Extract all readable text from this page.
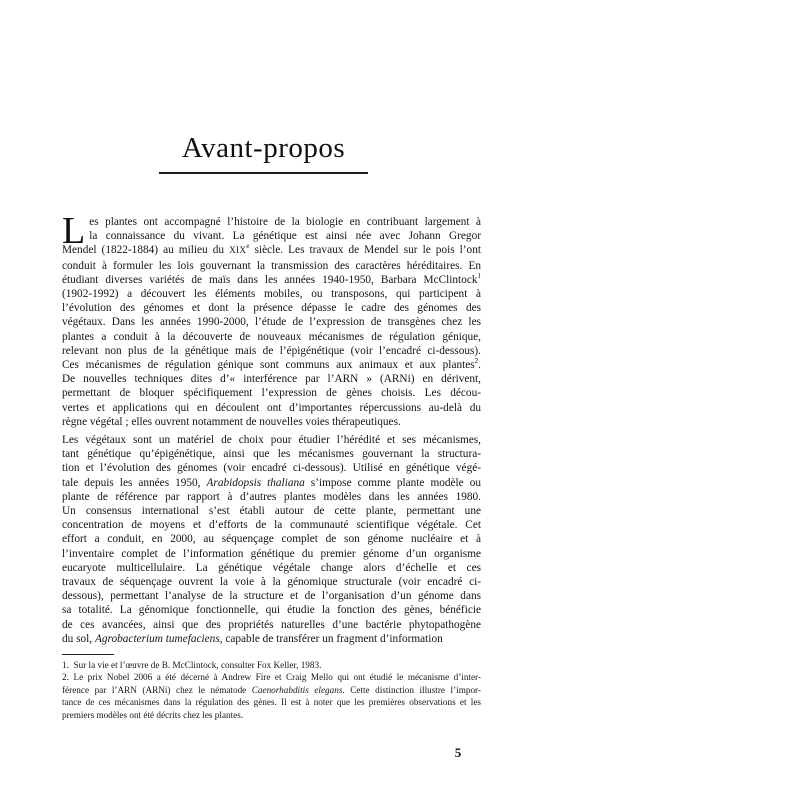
Avant-propos
L es plantes ont accompagné l’histoire de la biologie en contribuant largement à
la connaissance du vivant. La génétique est ainsi née avec Johann Gregor
Mendel (1822-1884) au milieu du XIXe siècle. Les travaux de Mendel sur le pois l’ont
conduit à formuler les lois gouvernant la transmission des caractères héréditaires. En
étudiant diverses variétés de maïs dans les années 1940-1950, Barbara McClintock$^1$
(1902-1992) a découvert les éléments mobiles, ou transposons, qui participent à
l’évolution des génomes et dont la présence dépasse le cadre des génomes des
végétaux. Dans les années 1990-2000, l’étude de l’expression de transgènes chez les
plantes a conduit à la découverte de nouveaux mécanismes de régulation génique,
relevant non plus de la génétique mais de l’épigénétique (voir l’encadré ci-dessous).
Ces mécanismes de régulation génique sont communs aux animaux et aux plantes$^2$.
De nouvelles techniques dites d’« interférence par l’ARN » (ARNi) en dérivent,
permettant de bloquer spécifiquement l’expression de gènes choisis. Les décou-
vertes et applications qui en découlent ont d’importantes répercussions au-delà du
règne végétal ; elles ouvrent notamment de nouvelles voies thérapeutiques.
Les végétaux sont un matériel de choix pour étudier l’hérédité et ses mécanismes,
tant génétique qu’épigénétique, ainsi que les mécanismes gouvernant la structura-
tion et l’évolution des génomes (voir encadré ci-dessous). Utilisé en génétique végé-
tale depuis les années 1950, Arabidopsis thaliana s’impose comme plante modèle ou
plante de référence par rapport à d’autres plantes modèles dans les années 1980.
Un consensus international s’est établi autour de cette plante, permettant une
concentration de moyens et d’efforts de la communauté scientifique végétale. Cet
effort a conduit, en 2000, au séquençage complet de son génome nucléaire et à
l’inventaire complet de l’information génétique du premier génome d’un organisme
eucaryote multicellulaire. La génétique végétale change alors d’échelle et ces
travaux de séquençage ouvrent la voie à la génomique structurale (voir encadré ci-
dessous), permettant l’analyse de la structure et de l’organisation d’un génome dans
sa totalité. La génomique fonctionnelle, qui étudie la fonction des gènes, bénéficie
de ces avancées, ainsi que des propriétés naturelles d’une bactérie phytopathogène
du sol, Agrobacterium tumefaciens, capable de transférer un fragment d’information
1. Sur la vie et l’œuvre de B. McClintock, consulter Fox Keller, 1983.
2. Le prix Nobel 2006 a été décerné à Andrew Fire et Craig Mello qui ont étudié le mécanisme d’inter-
férence par l’ARN (ARNi) chez le nématode Caenorhabditis elegans. Cette distinction illustre l’impor-
tance de ces mécanismes dans la régulation des gènes. Il est à noter que les premières observations et les
premiers modèles ont été décrits chez les plantes.
5
